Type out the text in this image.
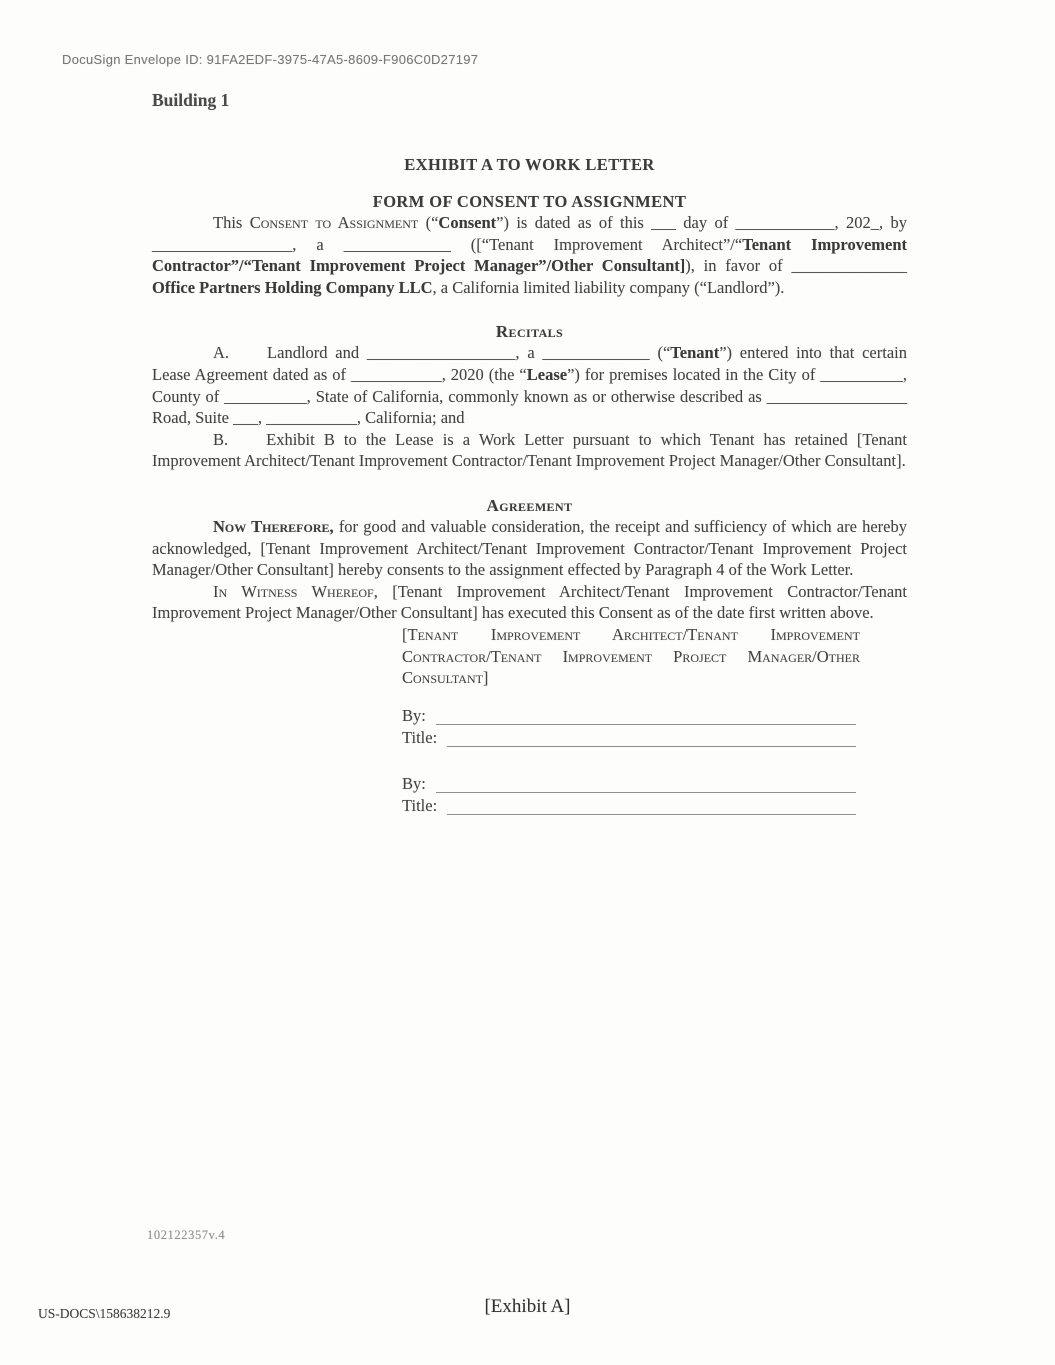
DocuSign Envelope ID: 91FA2EDF-3975-47A5-8609-F906C0D27197
Building 1
EXHIBIT A TO WORK LETTER
FORM OF CONSENT TO ASSIGNMENT

This Consent to Assignment (“Consent”) is dated as of this ___ day of ____________, 202_, by _________________, a _____________ ([“Tenant Improvement Architect”/“Tenant Improvement Contractor”/“Tenant Improvement Project Manager”/Other Consultant]), in favor of ______________ Office Partners Holding Company LLC, a California limited liability company (“Landlord”).

Recitals

A. Landlord and __________________, a _____________ (“Tenant”) entered into that certain Lease Agreement dated as of ___________, 2020 (the “Lease”) for premises located in the City of __________, County of __________, State of California, commonly known as or otherwise described as _________________ Road, Suite ___, ___________, California; and

B. Exhibit B to the Lease is a Work Letter pursuant to which Tenant has retained [Tenant Improvement Architect/Tenant Improvement Contractor/Tenant Improvement Project Manager/Other Consultant].

Agreement

Now Therefore, for good and valuable consideration, the receipt and sufficiency of which are hereby acknowledged, [Tenant Improvement Architect/Tenant Improvement Contractor/Tenant Improvement Project Manager/Other Consultant] hereby consents to the assignment effected by Paragraph 4 of the Work Letter.

In Witness Whereof, [Tenant Improvement Architect/Tenant Improvement Contractor/Tenant Improvement Project Manager/Other Consultant] has executed this Consent as of the date first written above.

[Tenant Improvement Architect/Tenant Improvement Contractor/Tenant Improvement Project Manager/Other Consultant]

By:
Title:
By:
Title:
102122357v.4
US-DOCS\158638212.9	[Exhibit A]
